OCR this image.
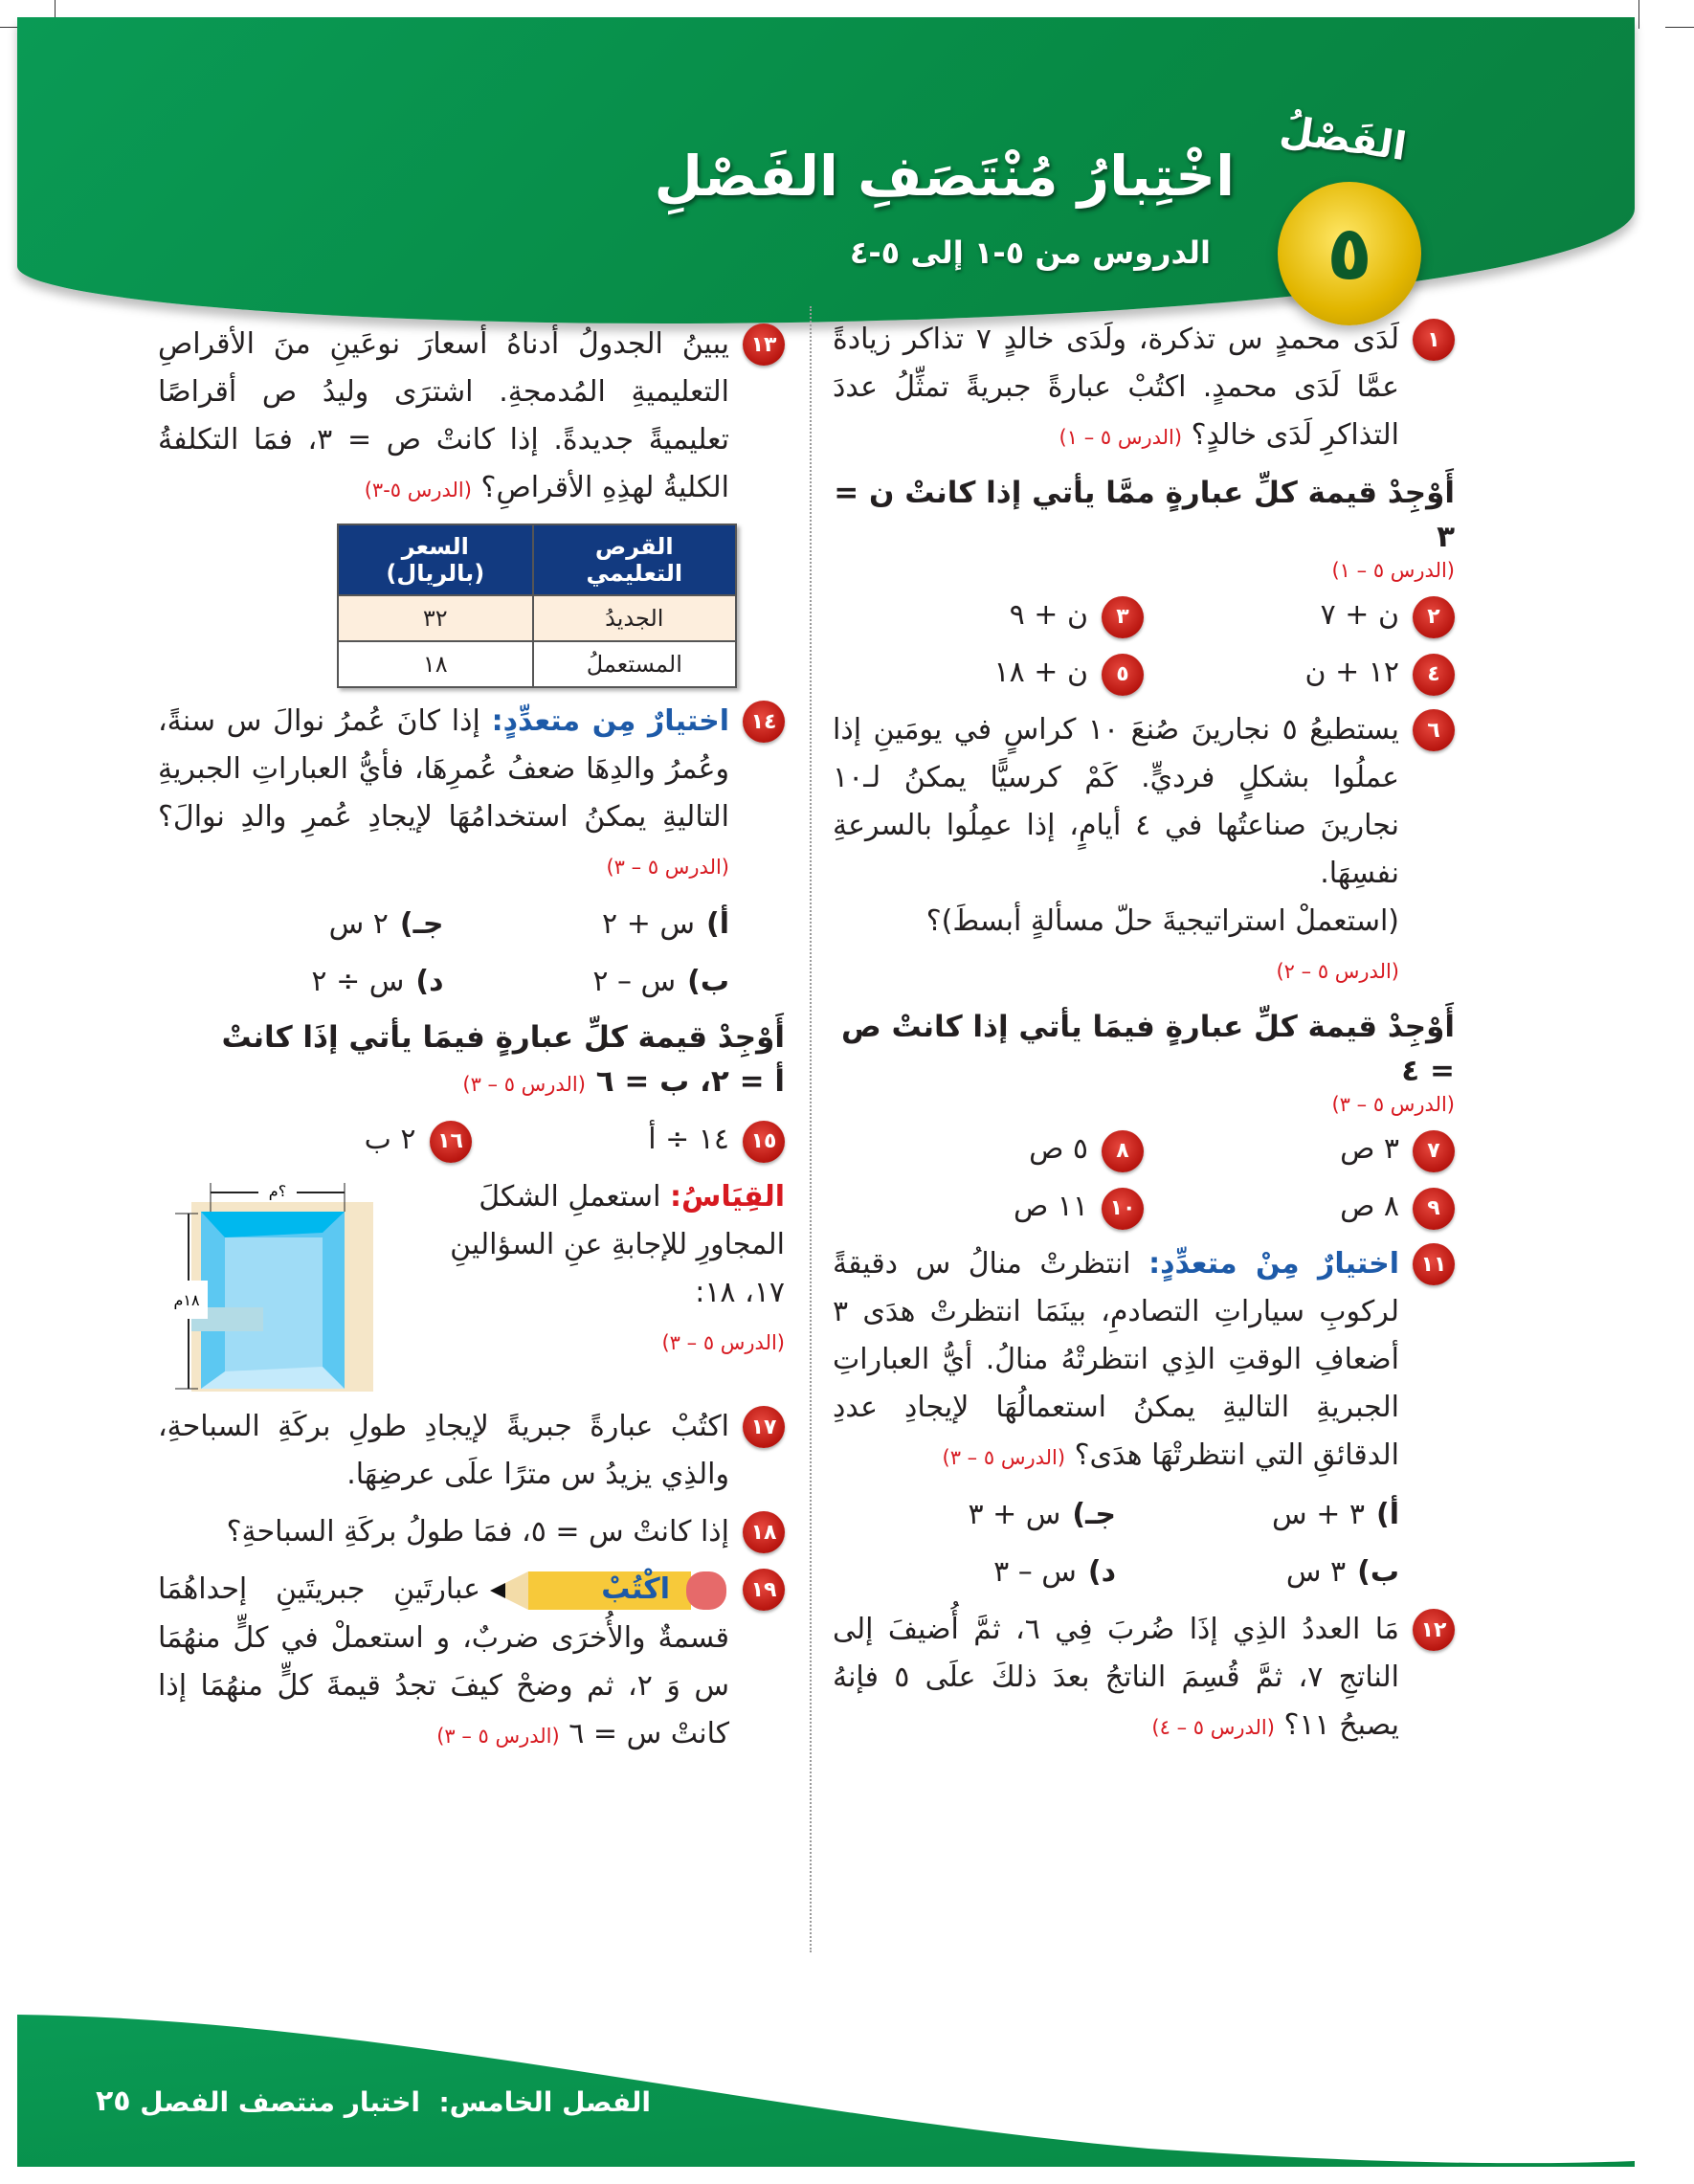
اخْتِبارُ مُنْتَصَفِ الفَصْلِ
الدروس من ٥-١ إلى ٥-٤
الفَصْلُ
٥
١
لَدَى محمدٍ س تذكرة، ولَدَى خالدٍ ٧ تذاكر زيادةً عمَّا لَدَى محمدٍ. اكتُبْ عبارةً جبريةً تمثِّلُ عددَ التذاكرِ لَدَى خالدٍ؟ (الدرس ٥ – ١)
أَوْجِدْ قيمة كلِّ عبارةٍ ممَّا يأتي إذا كانتْ ن = ٣
(الدرس ٥ – ١)
٢
ن + ٧
٣
ن + ٩
٤
١٢ + ن
٥
ن + ١٨
٦
يستطيعُ ٥ نجارينَ صُنعَ ١٠ كراسٍ في يومَينِ إذا عملُوا بشكلٍ فرديٍّ. كَمْ كرسيًّا يمكنُ لـ١٠ نجارينَ صناعتُها في ٤ أيامٍ، إذا عمِلُوا بالسرعةِ نفسِهَا.
(استعملْ استراتيجيةَ حلّ مسألةٍ أبسطَ)؟
(الدرس ٥ – ٢)
أَوْجِدْ قيمة كلِّ عبارةٍ فيمَا يأتي إذا كانتْ ص = ٤
(الدرس ٥ – ٣)
٧
٣ ص
٨
٥ ص
٩
٨ ص
١٠
١١ ص
١١
اختيارٌ مِنْ متعدِّدٍ: انتظرتْ منالُ س دقيقةً لركوبِ سياراتِ التصادمِ، بينَمَا انتظرتْ هدَى ٣ أضعافِ الوقتِ الذِي انتظرتْهُ منالُ. أيُّ العباراتِ الجبريةِ التاليةِ يمكنُ استعمالُهَا لإيجادِ عددِ الدقائقِ التي انتظرتْهَا هدَى؟ (الدرس ٥ – ٣)
أ)٣ + س
جـ)س + ٣
ب)٣ س
د)س – ٣
١٢
مَا العددُ الذِي إذَا ضُربَ فِي ٦، ثمَّ أُضيفَ إلى الناتجِ ٧، ثمَّ قُسِمَ الناتجُ بعدَ ذلكَ علَى ٥ فإنهُ يصبحُ ١١؟ (الدرس ٥ – ٤)
١٣
يبينُ الجدولُ أدناهُ أسعارَ نوعَينِ منَ الأقراصِ التعليميةِ المُدمجةِ. اشترَى وليدُ ص أقراصًا تعليميةً جديدةً. إذا كانتْ ص = ٣، فمَا التكلفةُ الكليةُ لهذِهِ الأقراصِ؟ (الدرس ٥-٣)
القرص التعليمي	السعر (بالريال)
الجديدُ	٣٢
المستعملُ	١٨
١٤
اختيارٌ مِن متعدِّدٍ: إذا كانَ عُمرُ نوالَ س سنةً، وعُمرُ والدِهَا ضعفُ عُمرِهَا، فأيُّ العباراتِ الجبريةِ التاليةِ يمكنُ استخدامُهَا لإيجادِ عُمرِ والدِ نوالَ؟ (الدرس ٥ – ٣)
أ)س + ٢
جـ)٢ س
ب)س – ٢
د)س ÷ ٢
أَوْجِدْ قيمة كلِّ عبارةٍ فيمَا يأتي إذَا كانتْ
أ = ٢، ب = ٦ (الدرس ٥ – ٣)
١٥
١٤ ÷ أ
١٦
٢ ب
القِيَاسُ: استعملِ الشكلَ المجاورِ للإجابةِ عنِ السؤالينِ ١٧، ١٨:
(الدرس ٥ – ٣)
؟م
١٨م
١٧
اكتُبْ عبارةً جبريةً لإيجادِ طولِ بركَةِ السباحةِ، والذِي يزيدُ س مترًا علَى عرضِهَا.
١٨
إذا كانتْ س = ٥، فمَا طولُ بركَةِ السباحةِ؟
١٩
اكْتُبْ
عبارتَينِ جبريتَينِ إحداهُمَا قسمةٌ والأُخرَى ضربٌ، و استعملْ في كلٍّ منهُمَا س وَ ٢، ثم وضحْ كيفَ تجدُ قيمةَ كلٍّ منهُمَا إذا كانتْ س = ٦ (الدرس ٥ – ٣)
الفصل الخامس:  اختبار منتصف الفصل
٢٥
